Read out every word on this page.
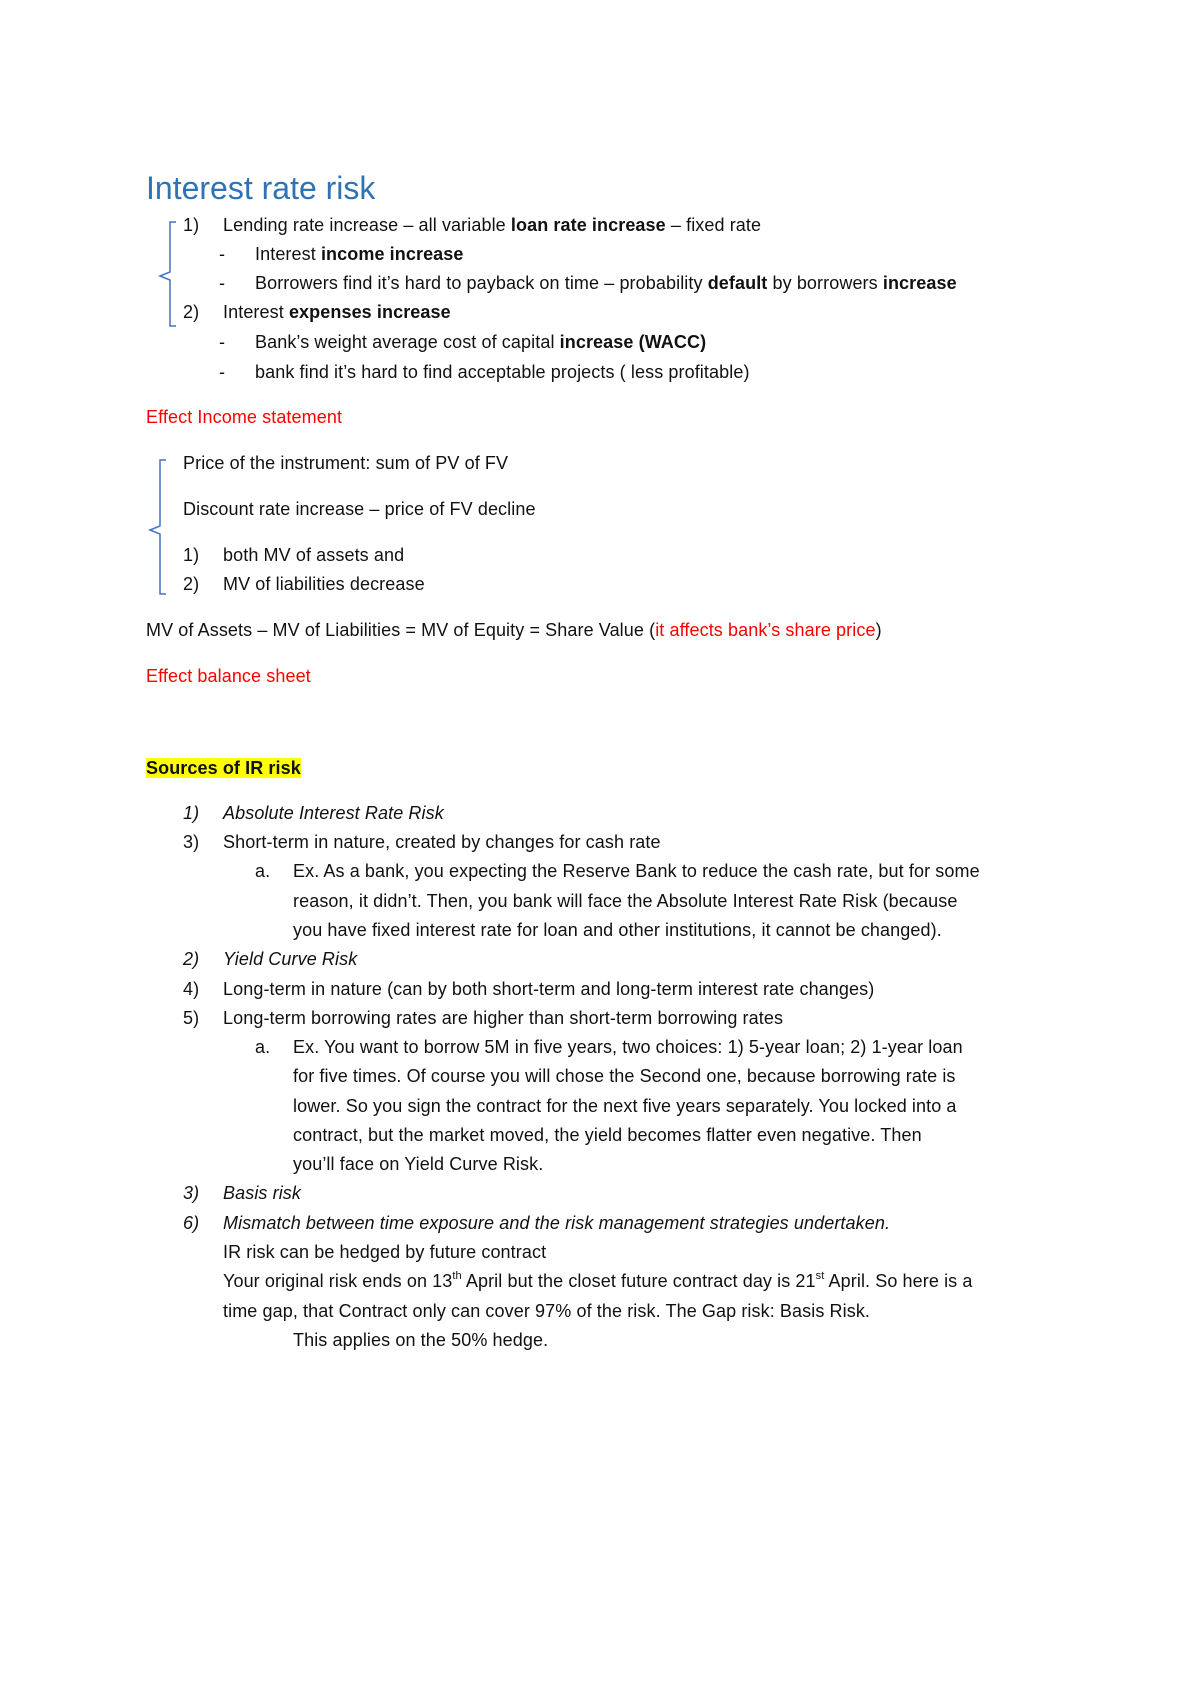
Interest rate risk
1) Lending rate increase – all variable loan rate increase – fixed rate
- Interest income increase
- Borrowers find it’s hard to payback on time – probability default by borrowers increase
2) Interest expenses increase
- Bank’s weight average cost of capital increase (WACC)
- bank find it’s hard to find acceptable projects ( less profitable)
Effect Income statement
Price of the instrument: sum of PV of FV
Discount rate increase – price of FV decline
1) both MV of assets and
2) MV of liabilities decrease
MV of Assets – MV of Liabilities = MV of Equity = Share Value (it affects bank’s share price)
Effect balance sheet
Sources of IR risk
1) Absolute Interest Rate Risk
3) Short-term in nature, created by changes for cash rate
a. Ex. As a bank, you expecting the Reserve Bank to reduce the cash rate, but for some
reason, it didn’t. Then, you bank will face the Absolute Interest Rate Risk (because
you have fixed interest rate for loan and other institutions, it cannot be changed).
2) Yield Curve Risk
4) Long-term in nature (can by both short-term and long-term interest rate changes)
5) Long-term borrowing rates are higher than short-term borrowing rates
a. Ex. You want to borrow 5M in five years, two choices: 1) 5-year loan; 2) 1-year loan
for five times. Of course you will chose the Second one, because borrowing rate is
lower. So you sign the contract for the next five years separately. You locked into a
contract, but the market moved, the yield becomes flatter even negative. Then
you’ll face on Yield Curve Risk.
3) Basis risk
6) Mismatch between time exposure and the risk management strategies undertaken.
IR risk can be hedged by future contract
Your original risk ends on 13th April but the closet future contract day is 21st April. So here is a
time gap, that Contract only can cover 97% of the risk. The Gap risk: Basis Risk.
This applies on the 50% hedge.
